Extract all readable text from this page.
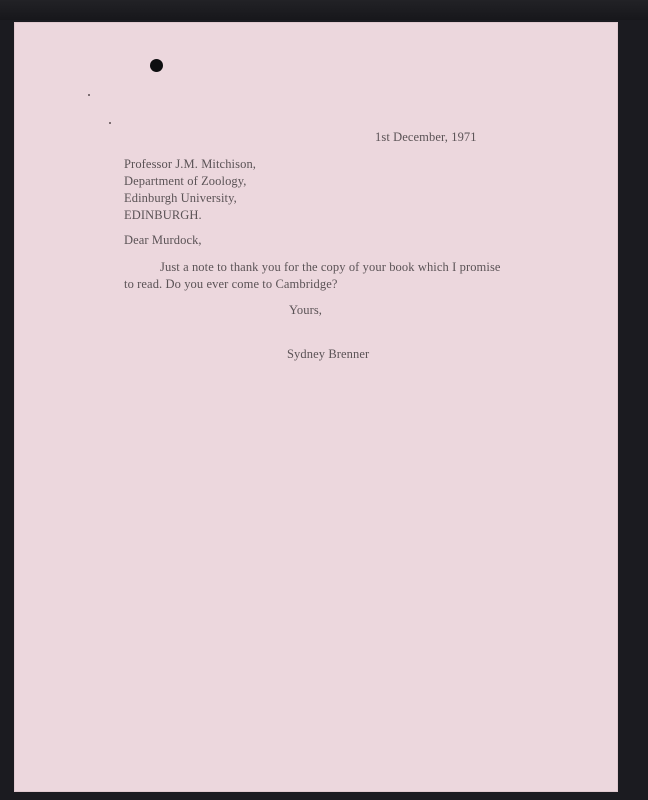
1st December, 1971
Professor J.M. Mitchison,
Department of Zoology,
Edinburgh University,
EDINBURGH.
Dear Murdock,
Just a note to thank you for the copy of your book which I promise
to read. Do you ever come to Cambridge?
Yours,
Sydney Brenner
